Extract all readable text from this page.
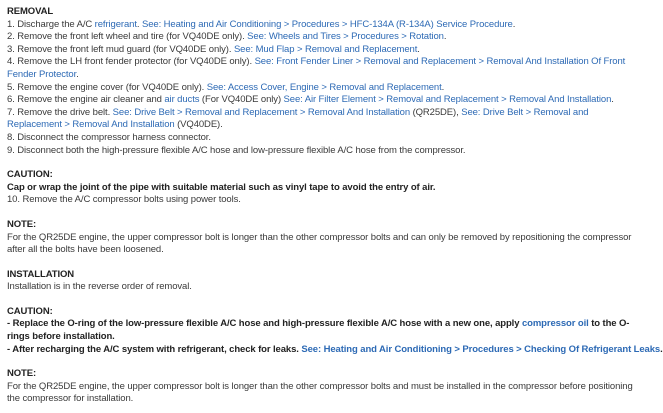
REMOVAL
1. Discharge the A/C refrigerant. See: Heating and Air Conditioning > Procedures > HFC-134A (R-134A) Service Procedure.
2. Remove the front left wheel and tire (for VQ40DE only). See: Wheels and Tires > Procedures > Rotation.
3. Remove the front left mud guard (for VQ40DE only). See: Mud Flap > Removal and Replacement.
4. Remove the LH front fender protector (for VQ40DE only). See: Front Fender Liner > Removal and Replacement > Removal And Installation Of Front Fender Protector.
5. Remove the engine cover (for VQ40DE only). See: Access Cover, Engine > Removal and Replacement.
6. Remove the engine air cleaner and air ducts (For VQ40DE only) See: Air Filter Element > Removal and Replacement > Removal And Installation.
7. Remove the drive belt. See: Drive Belt > Removal and Replacement > Removal And Installation (QR25DE), See: Drive Belt > Removal and Replacement > Removal And Installation (VQ40DE).
8. Disconnect the compressor harness connector.
9. Disconnect both the high-pressure flexible A/C hose and low-pressure flexible A/C hose from the compressor.
CAUTION:
Cap or wrap the joint of the pipe with suitable material such as vinyl tape to avoid the entry of air.
10. Remove the A/C compressor bolts using power tools.
NOTE:
For the QR25DE engine, the upper compressor bolt is longer than the other compressor bolts and can only be removed by repositioning the compressor after all the bolts have been loosened.
INSTALLATION
Installation is in the reverse order of removal.
CAUTION:
- Replace the O-ring of the low-pressure flexible A/C hose and high-pressure flexible A/C hose with a new one, apply compressor oil to the O-rings before installation.
- After recharging the A/C system with refrigerant, check for leaks. See: Heating and Air Conditioning > Procedures > Checking Of Refrigerant Leaks.
NOTE:
For the QR25DE engine, the upper compressor bolt is longer than the other compressor bolts and must be installed in the compressor before positioning the compressor for installation.
